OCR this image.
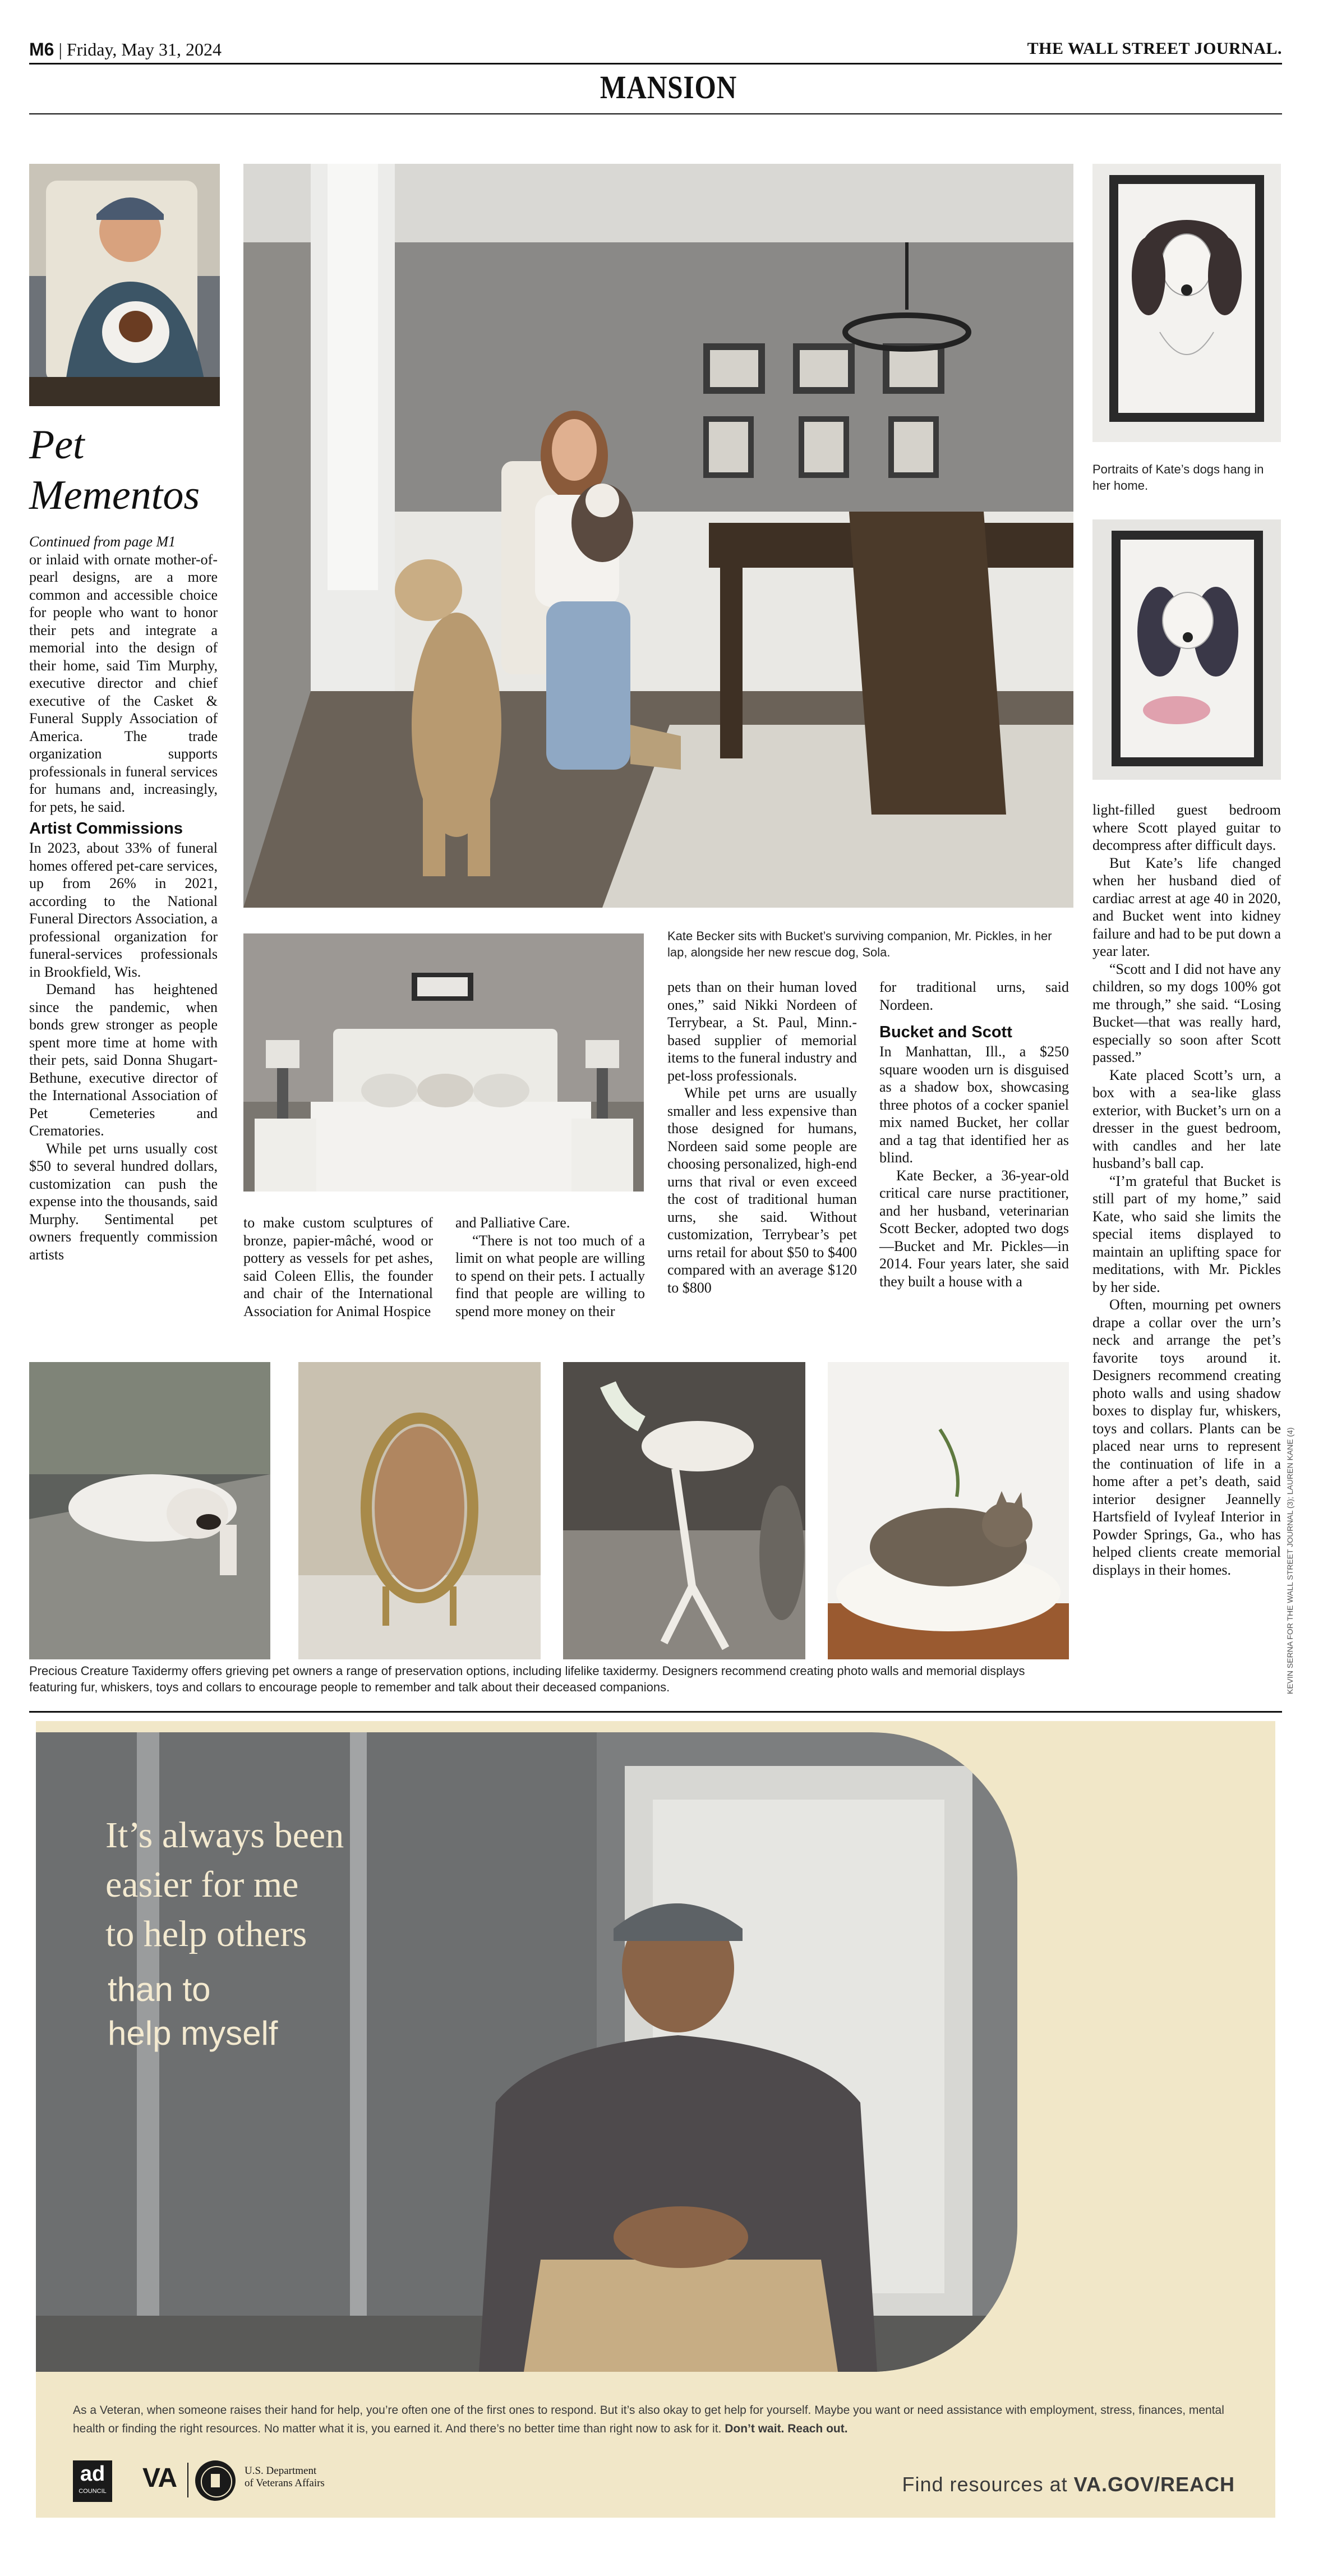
M6 | Friday, May 31, 2024	THE WALL STREET JOURNAL.
MANSION
Pet
Mementos

Continued from page M1

or inlaid with ornate mother-of-pearl designs, are a more common and accessible choice for people who want to honor their pets and integrate a memorial into the design of their home, said Tim Murphy, executive director and chief executive of the Casket & Funeral Supply Association of America. The trade organization supports professionals in funeral services for humans and, increasingly, for pets, he said.

Artist Commissions

In 2023, about 33% of funeral homes offered pet-care services, up from 26% in 2021, according to the National Funeral Directors Association, a professional organization for funeral-services professionals in Brookfield, Wis.

Demand has heightened since the pandemic, when bonds grew stronger as people spent more time at home with their pets, said Donna Shugart-Bethune, executive director of the International Association of Pet Cemeteries and Crematories.

While pet urns usually cost $50 to several hundred dollars, customization can push the expense into the thousands, said Murphy. Sentimental pet owners frequently commission artists

Portraits of Kate’s dogs hang in her home.
Kate Becker sits with Bucket’s surviving companion, Mr. Pickles, in her lap, alongside her new rescue dog, Sola.

to make custom sculptures of bronze, papier-mâché, wood or pottery as vessels for pet ashes, said Coleen Ellis, the founder and chair of the International Association for Animal Hospice

and Palliative Care.

“There is not too much of a limit on what people are willing to spend on their pets. I actually find that people are willing to spend more money on their

pets than on their human loved ones,” said Nikki Nordeen of Terrybear, a St. Paul, Minn.-based supplier of memorial items to the funeral industry and pet-loss professionals.

While pet urns are usually smaller and less expensive than those designed for humans, Nordeen said some people are choosing personalized, high-end urns that rival or even exceed the cost of traditional human urns, she said. Without customization, Terrybear’s pet urns retail for about $50 to $400 compared with an average $120 to $800

for traditional urns, said Nordeen.

Bucket and Scott

In Manhattan, Ill., a $250 square wooden urn is disguised as a shadow box, showcasing three photos of a cocker spaniel mix named Bucket, her collar and a tag that identified her as blind.

Kate Becker, a 36-year-old critical care nurse practitioner, and her husband, veterinarian Scott Becker, adopted two dogs—Bucket and Mr. Pickles—in 2014. Four years later, she said they built a house with a

light-filled guest bedroom where Scott played guitar to decompress after difficult days.

But Kate’s life changed when her husband died of cardiac arrest at age 40 in 2020, and Bucket went into kidney failure and had to be put down a year later.

“Scott and I did not have any children, so my dogs 100% got me through,” she said. “Losing Bucket—that was really hard, especially so soon after Scott passed.”

Kate placed Scott’s urn, a box with a sea-like glass exterior, with Bucket’s urn on a dresser in the guest bedroom, with candles and her late husband’s ball cap.

“I’m grateful that Bucket is still part of my home,” said Kate, who said she limits the special items displayed to maintain an uplifting space for meditations, with Mr. Pickles by her side.

Often, mourning pet owners drape a collar over the urn’s neck and arrange the pet’s favorite toys around it. Designers recommend creating photo walls and using shadow boxes to display fur, whiskers, toys and collars. Plants can be placed near urns to represent the continuation of life in a home after a pet’s death, said interior designer Jeannelly Hartsfield of Ivyleaf Interior in Powder Springs, Ga., who has helped clients create memorial displays in their homes.

Precious Creature Taxidermy offers grieving pet owners a range of preservation options, including lifelike taxidermy. Designers recommend creating photo walls and memorial displays featuring fur, whiskers, toys and collars to encourage people to remember and talk about their deceased companions.	KEVIN SERNA FOR THE WALL STREET JOURNAL (3); LAUREN KANE (4)
It’s always been
easier for me
to help others
than to
help myself
As a Veteran, when someone raises their hand for help, you’re often one of the first ones to respond. But it’s also okay to get help for yourself. Maybe you want or need assistance with employment, stress, finances, mental health or finding the right resources. No matter what it is, you earned it. And there’s no better time than right now to ask for it. Don’t wait. Reach out.
ad
COUNCIL VA	U.S. Department
of Veterans Affairs	Find resources at VA.GOV/REACH
